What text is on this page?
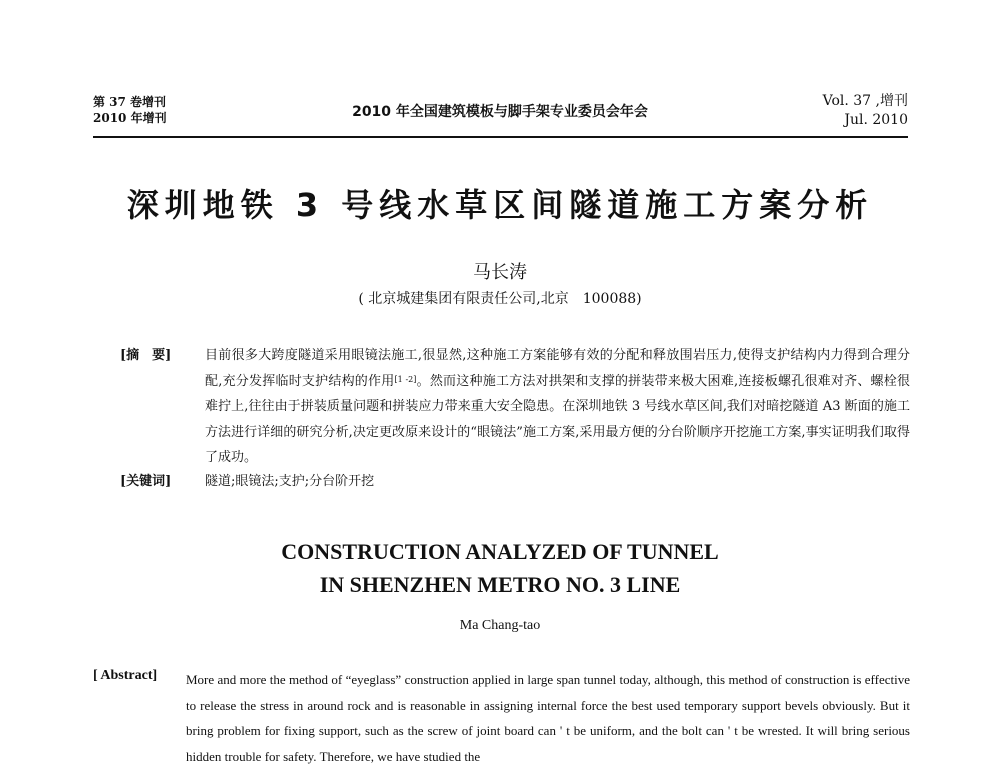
第 37 卷增刊
2010 年增刊	2010 年全国建筑模板与脚手架专业委员会年会
Vol. 37 ,增刊
Jul. 2010
深圳地铁 3 号线水草区间隧道施工方案分析
马长涛
( 北京城建集团有限责任公司,北京　100088)
[摘　要]	目前很多大跨度隧道采用眼镜法施工,很显然,这种施工方案能够有效的分配和释放围岩压力,使得支护结构内力得到合理分配,充分发挥临时支护结构的作用[1 -2]。然而这种施工方法对拱架和支撑的拼装带来极大困难,连接板螺孔很难对齐、螺栓很难拧上,往往由于拼装质量问题和拼装应力带来重大安全隐患。在深圳地铁 3 号线水草区间,我们对暗挖隧道 A3 断面的施工方法进行详细的研究分析,决定更改原来设计的“眼镜法”施工方案,采用最方便的分台阶顺序开挖施工方案,事实证明我们取得了成功。
[关键词]	隧道;眼镜法;支护;分台阶开挖
CONSTRUCTION ANALYZED OF TUNNEL
IN SHENZHEN METRO NO. 3 LINE
Ma Chang-tao
[ Abstract] More and more the method of “eyeglass” construction applied in large span tunnel today, although, this method of construction is effective to release the stress in around rock and is reasonable in assigning internal force the best used temporary support bevels obviously. But it bring problem for fixing support, such as the screw of joint board can ' t be uniform, and the bolt can ' t be wrested. It will bring serious hidden trouble for safety. Therefore, we have studied the
